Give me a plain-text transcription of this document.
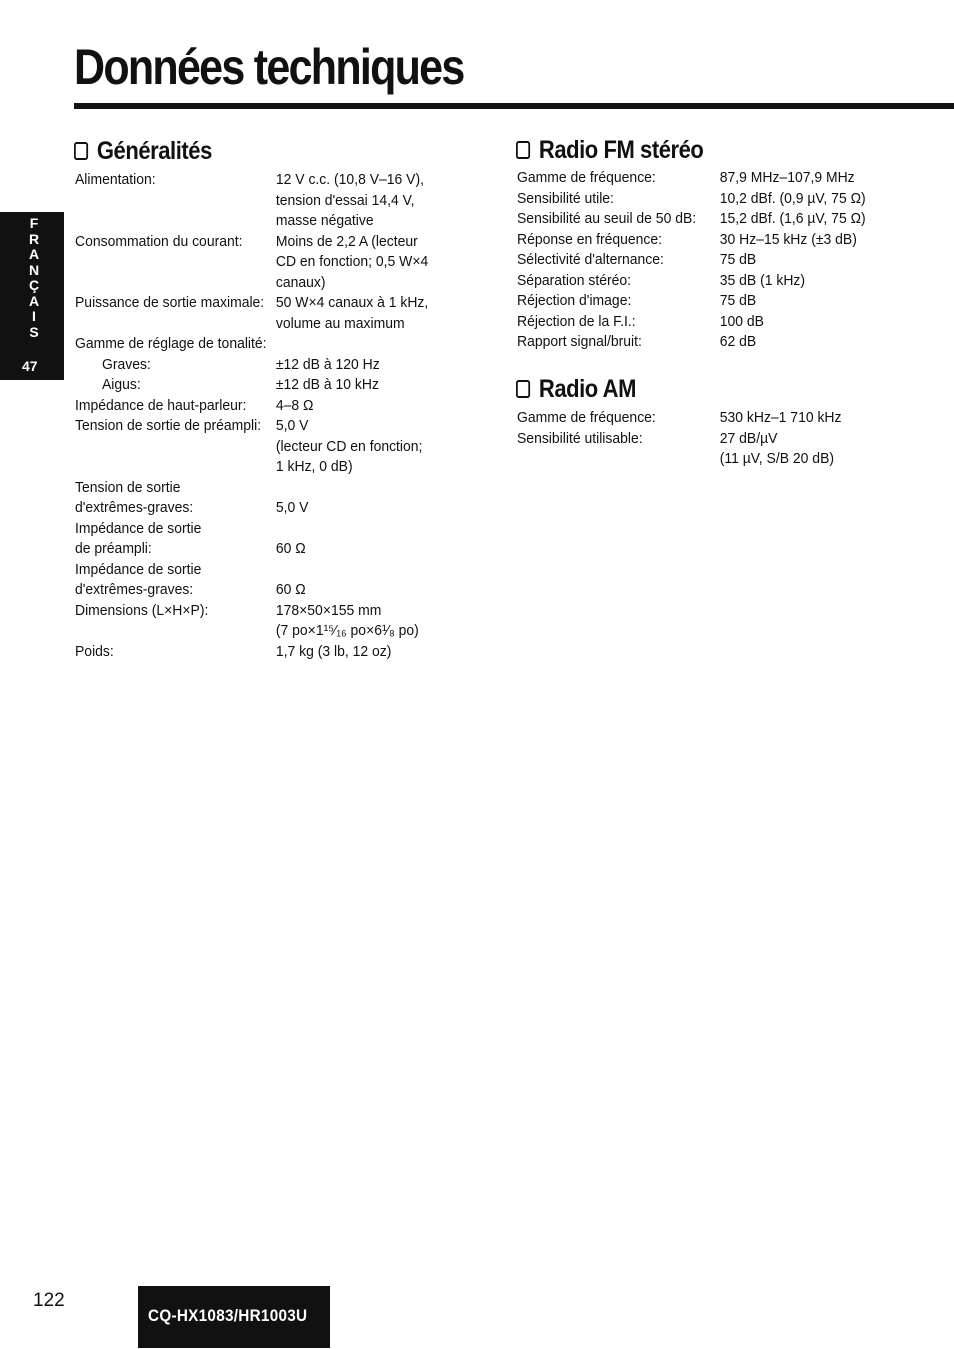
Données techniques
F
R
A
N
Ç
A
I
S
47
Généralités
Alimentation:	12 V c.c. (10,8 V–16 V),
tension d'essai 14,4 V,
masse négative
Consommation du courant:	Moins de 2,2 A (lecteur
CD en fonction; 0,5 W×4
canaux)
Puissance de sortie maximale: 50 W×4 canaux à 1 kHz,
volume au maximum
Gamme de réglage de tonalité:
Graves:	±12 dB à 120 Hz
Aigus:	±12 dB à 10 kHz
Impédance de haut-parleur:	4–8 Ω
Tension de sortie de préampli: 5,0 V
(lecteur CD en fonction;
1 kHz, 0 dB)
Tension de sortie
d'extrêmes-graves:	5,0 V
Impédance de sortie
de préampli:	60 Ω
Impédance de sortie
d'extrêmes-graves:	60 Ω
Dimensions (L×H×P):	178×50×155 mm
(7 po×1¹⁵⁄₁₆ po×6¹⁄₈ po)
Poids:	1,7 kg (3 lb, 12 oz)
Radio FM stéréo
Gamme de fréquence:	87,9 MHz–107,9 MHz
Sensibilité utile:	10,2 dBf. (0,9 µV, 75 Ω)
Sensibilité au seuil de 50 dB:	15,2 dBf. (1,6 µV, 75 Ω)
Réponse en fréquence:	30 Hz–15 kHz (±3 dB)
Sélectivité d'alternance:	75 dB
Séparation stéréo:	35 dB (1 kHz)
Réjection d'image:	75 dB
Réjection de la F.I.:	100 dB
Rapport signal/bruit:	62 dB
Radio AM
Gamme de fréquence:	530 kHz–1 710 kHz
Sensibilité utilisable:	27 dB/µV
(11 µV, S/B 20 dB)
122
CQ-HX1083/HR1003U
